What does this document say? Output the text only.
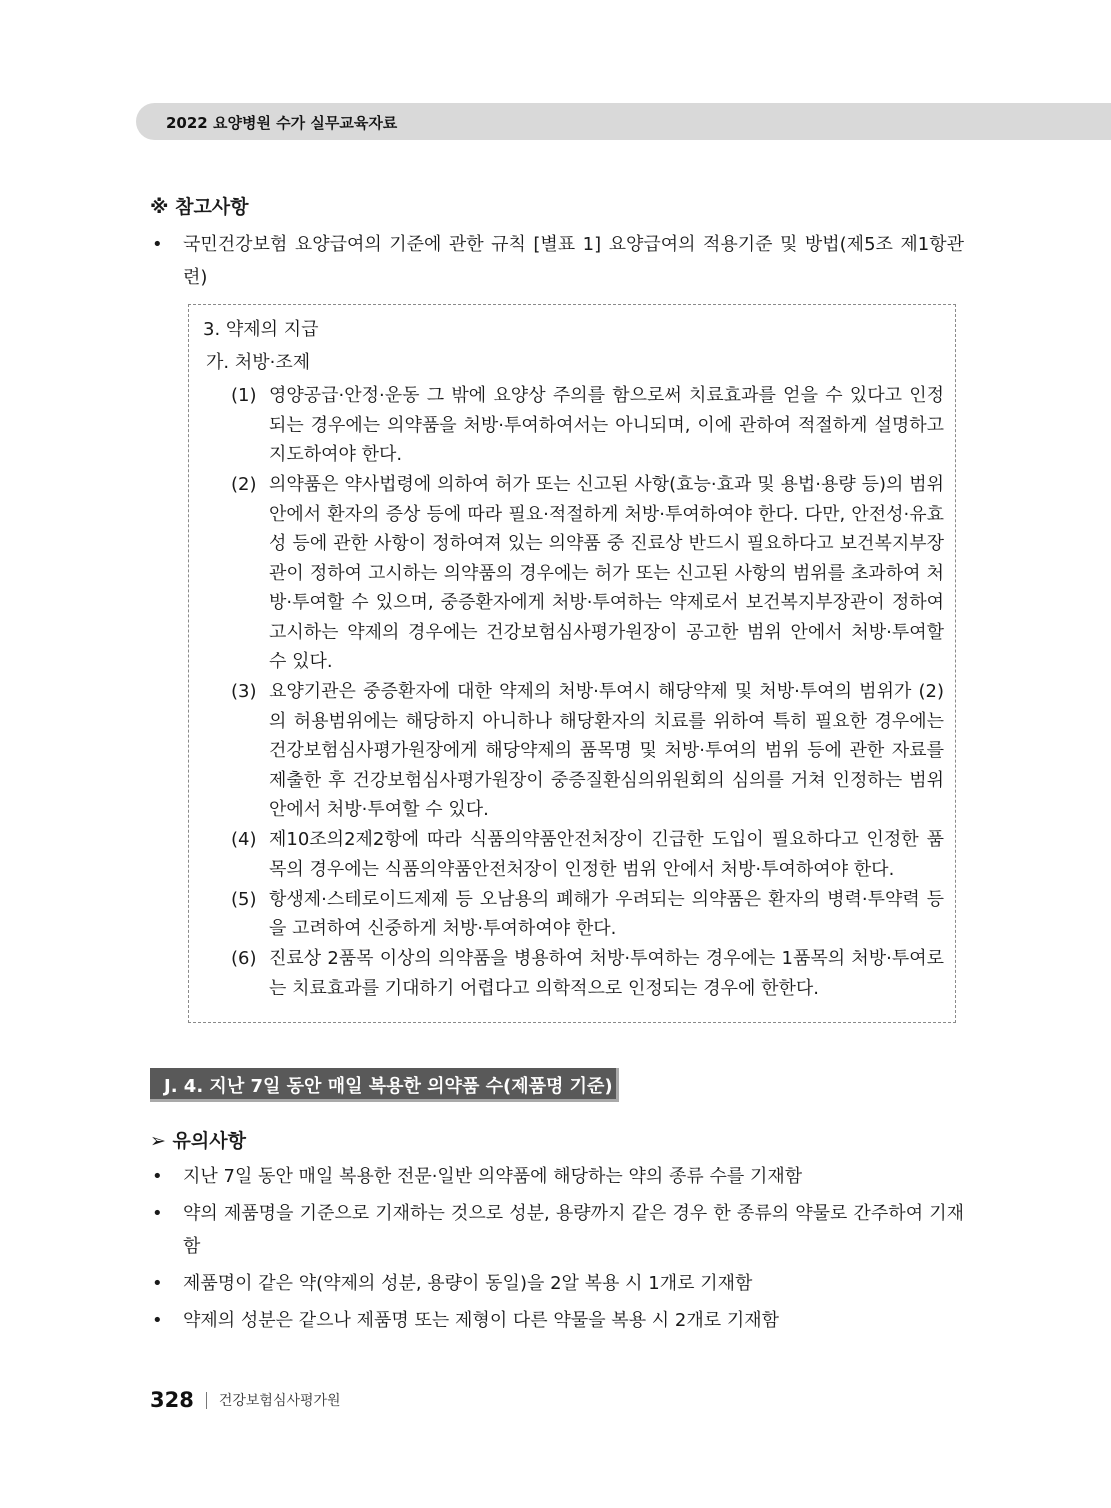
2022 요양병원 수가 실무교육자료
※ 참고사항
• 국민건강보험 요양급여의 기준에 관한 규칙 [별표 1] 요양급여의 적용기준 및 방법(제5조 제1항관련)
3. 약제의 지급
가. 처방·조제
(1) 영양공급·안정·운동 그 밖에 요양상 주의를 함으로써 치료효과를 얻을 수 있다고 인정되는 경우에는 의약품을 처방·투여하여서는 아니되며, 이에 관하여 적절하게 설명하고 지도하여야 한다.
(2) 의약품은 약사법령에 의하여 허가 또는 신고된 사항(효능·효과 및 용법·용량 등)의 범위 안에서 환자의 증상 등에 따라 필요·적절하게 처방·투여하여야 한다. 다만, 안전성·유효성 등에 관한 사항이 정하여져 있는 의약품 중 진료상 반드시 필요하다고 보건복지부장관이 정하여 고시하는 의약품의 경우에는 허가 또는 신고된 사항의 범위를 초과하여 처방·투여할 수 있으며, 중증환자에게 처방·투여하는 약제로서 보건복지부장관이 정하여 고시하는 약제의 경우에는 건강보험심사평가원장이 공고한 범위 안에서 처방·투여할 수 있다.
(3) 요양기관은 중증환자에 대한 약제의 처방·투여시 해당약제 및 처방·투여의 범위가 (2)의 허용범위에는 해당하지 아니하나 해당환자의 치료를 위하여 특히 필요한 경우에는 건강보험심사평가원장에게 해당약제의 품목명 및 처방·투여의 범위 등에 관한 자료를 제출한 후 건강보험심사평가원장이 중증질환심의위원회의 심의를 거쳐 인정하는 범위 안에서 처방·투여할 수 있다.
(4) 제10조의2제2항에 따라 식품의약품안전처장이 긴급한 도입이 필요하다고 인정한 품목의 경우에는 식품의약품안전처장이 인정한 범위 안에서 처방·투여하여야 한다.
(5) 항생제·스테로이드제제 등 오남용의 폐해가 우려되는 의약품은 환자의 병력·투약력 등을 고려하여 신중하게 처방·투여하여야 한다.
(6) 진료상 2품목 이상의 의약품을 병용하여 처방·투여하는 경우에는 1품목의 처방·투여로는 치료효과를 기대하기 어렵다고 의학적으로 인정되는 경우에 한한다.
J. 4. 지난 7일 동안 매일 복용한 의약품 수(제품명 기준)
➢ 유의사항
• 지난 7일 동안 매일 복용한 전문·일반 의약품에 해당하는 약의 종류 수를 기재함
• 약의 제품명을 기준으로 기재하는 것으로 성분, 용량까지 같은 경우 한 종류의 약물로 간주하여 기재함
• 제품명이 같은 약(약제의 성분, 용량이 동일)을 2알 복용 시 1개로 기재함
• 약제의 성분은 같으나 제품명 또는 제형이 다른 약물을 복용 시 2개로 기재함
328 건강보험심사평가원
